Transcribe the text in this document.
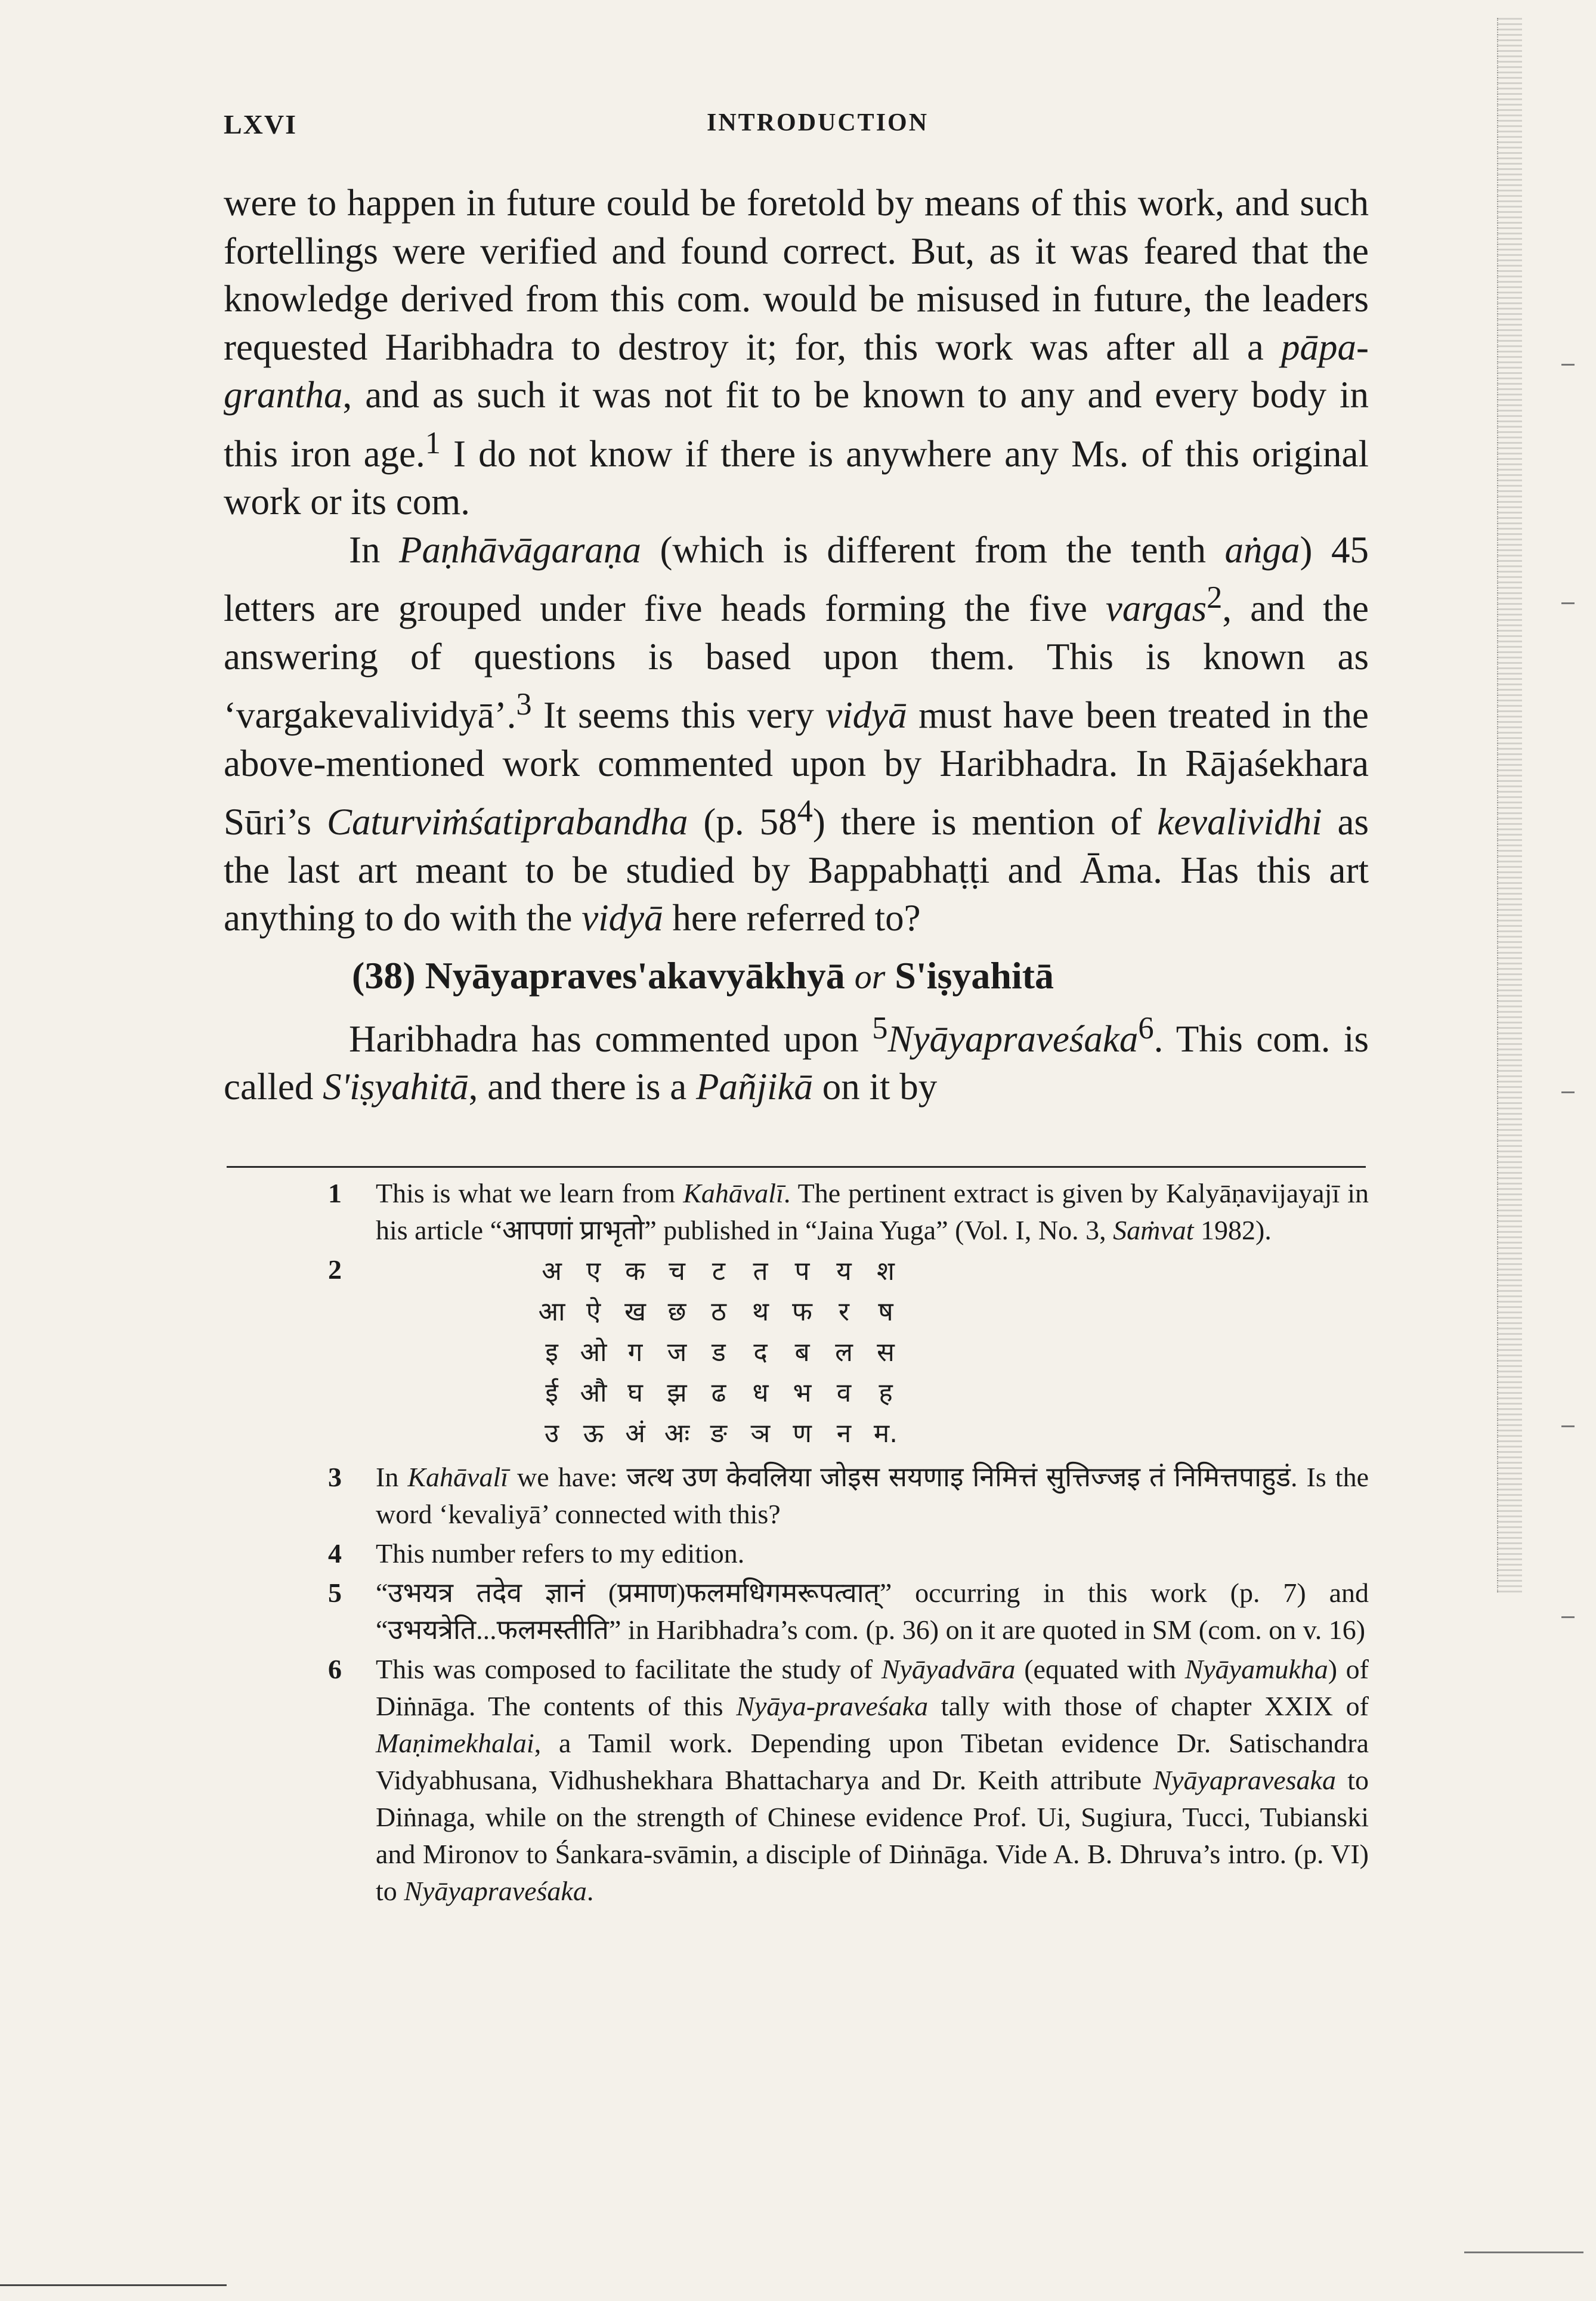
LXVI	INTRODUCTION

were to happen in future could be foretold by means of this work, and such fortellings were verified and found correct. But, as it was feared that the knowledge derived from this com. would be misused in future, the leaders requested Haribhadra to destroy it; for, this work was after all a pāpa-grantha, and as such it was not fit to be known to any and every body in this iron age.$^1$ I do not know if there is anywhere any Ms. of this original work or its com.

In Paṇhāvāgaraṇa (which is different from the tenth aṅga) 45 letters are grouped under five heads forming the five vargas$^2$, and the answering of questions is based upon them. This is known as ‘vargakevalividyā’.$^3$ It seems this very vidyā must have been treated in the above-mentioned work commented upon by Haribhadra. In Rājaśekhara Sūri’s Caturviṁśatiprabandha (p. $58^4$) there is mention of kevalividhi as the last art meant to be studied by Bappabhaṭṭi and Āma. Has this art anything to do with the vidyā here referred to?

(38) Nyāyapraves'akavyākhyā or S'iṣyahitā

Haribhadra has commented upon $^5$Nyāyapraveśaka$^6$. This com. is called S'iṣyahitā, and there is a Pañjikā on it by

1 This is what we learn from Kahāvalī. The pertinent extract is given by Kalyāṇavijayajī in his article “आपणां प्राभृतो” published in “Jaina Yuga” (Vol. I, No. 3, Saṁvat 1982).
2	अ ए क च	ट	त	प	य श
आ ऐ ख छ ठ थ फ	र	ष
इ ओ ग ज ड	द	ब ल स
ई औ घ झ ढ	ध भ व	ह
उ ऊ अं अः ङ ञ ण न म.
3 In Kahāvalī we have: जत्थ उण केवलिया जोइस सयणाइ निमित्तं सुत्तिज्जइ तं निमित्तपाहुडं. Is the word ‘kevaliyā’ connected with this?
4 This number refers to my edition.
5 “उभयत्र तदेव ज्ञानं (प्रमाण)फलमधिगमरूपत्वात्” occurring in this work (p. 7) and “उभयत्रेति...फलमस्तीति” in Haribhadra’s com. (p. 36) on it are quoted in SM (com. on v. 16)
6 This was composed to facilitate the study of Nyāyadvāra (equated with Nyāyamukha) of Diṅnāga. The contents of this Nyāya-praveśaka tally with those of chapter XXIX of Maṇimekhalai, a Tamil work. Depending upon Tibetan evidence Dr. Satischandra Vidyabhusana, Vidhushekhara Bhattacharya and Dr. Keith attribute Nyāyapravesaka to Diṅnaga, while on the strength of Chinese evidence Prof. Ui, Sugiura, Tucci, Tubianski and Mironov to Śankara-svāmin, a disciple of Diṅnāga. Vide A. B. Dhruva’s intro. (p. VI) to Nyāyapraveśaka.
